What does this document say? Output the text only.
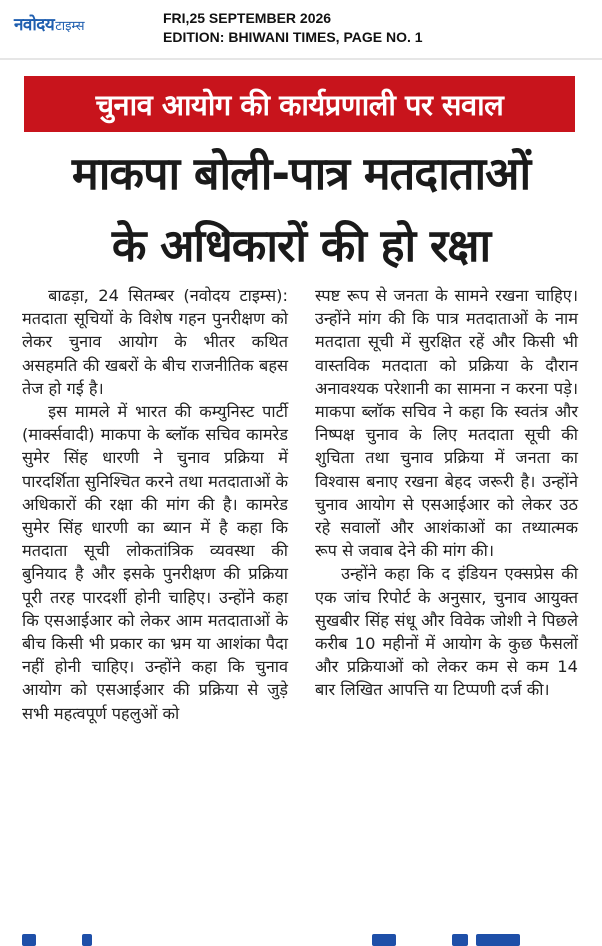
नवोदय टाइम्स
FRI,25 SEPTEMBER 2026
EDITION: BHIWANI TIMES, PAGE NO. 1
चुनाव आयोग की कार्यप्रणाली पर सवाल
माकपा बोली-पात्र मतदाताओं
के अधिकारों की हो रक्षा

बाढड़ा, 24 सितम्बर (नवोदय टाइम्स): मतदाता सूचियों के विशेष गहन पुनरीक्षण को लेकर चुनाव आयोग के भीतर कथित असहमति की खबरों के बीच राजनीतिक बहस तेज हो गई है।

इस मामले में भारत की कम्युनिस्ट पार्टी (मार्क्सवादी) माकपा के ब्लॉक सचिव कामरेड सुमेर सिंह धारणी ने चुनाव प्रक्रिया में पारदर्शिता सुनिश्चित करने तथा मतदाताओं के अधिकारों की रक्षा की मांग की है। कामरेड सुमेर सिंह धारणी का ब्यान में है कहा कि मतदाता सूची लोकतांत्रिक व्यवस्था की बुनियाद है और इसके पुनरीक्षण की प्रक्रिया पूरी तरह पारदर्शी होनी चाहिए। उन्होंने कहा कि एसआईआर को लेकर आम मतदाताओं के बीच किसी भी प्रकार का भ्रम या आशंका पैदा नहीं होनी चाहिए। उन्होंने कहा कि चुनाव आयोग को एसआईआर की प्रक्रिया से जुड़े सभी महत्वपूर्ण पहलुओं को

स्पष्ट रूप से जनता के सामने रखना चाहिए। उन्होंने मांग की कि पात्र मतदाताओं के नाम मतदाता सूची में सुरक्षित रहें और किसी भी वास्तविक मतदाता को प्रक्रिया के दौरान अनावश्यक परेशानी का सामना न करना पड़े। माकपा ब्लॉक सचिव ने कहा कि स्वतंत्र और निष्पक्ष चुनाव के लिए मतदाता सूची की शुचिता तथा चुनाव प्रक्रिया में जनता का विश्वास बनाए रखना बेहद जरूरी है। उन्होंने चुनाव आयोग से एसआईआर को लेकर उठ रहे सवालों और आशंकाओं का तथ्यात्मक रूप से जवाब देने की मांग की।

उन्होंने कहा कि द इंडियन एक्सप्रेस की एक जांच रिपोर्ट के अनुसार, चुनाव आयुक्त सुखबीर सिंह संधू और विवेक जोशी ने पिछले करीब 10 महीनों में आयोग के कुछ फैसलों और प्रक्रियाओं को लेकर कम से कम 14 बार लिखित आपत्ति या टिप्पणी दर्ज की।
